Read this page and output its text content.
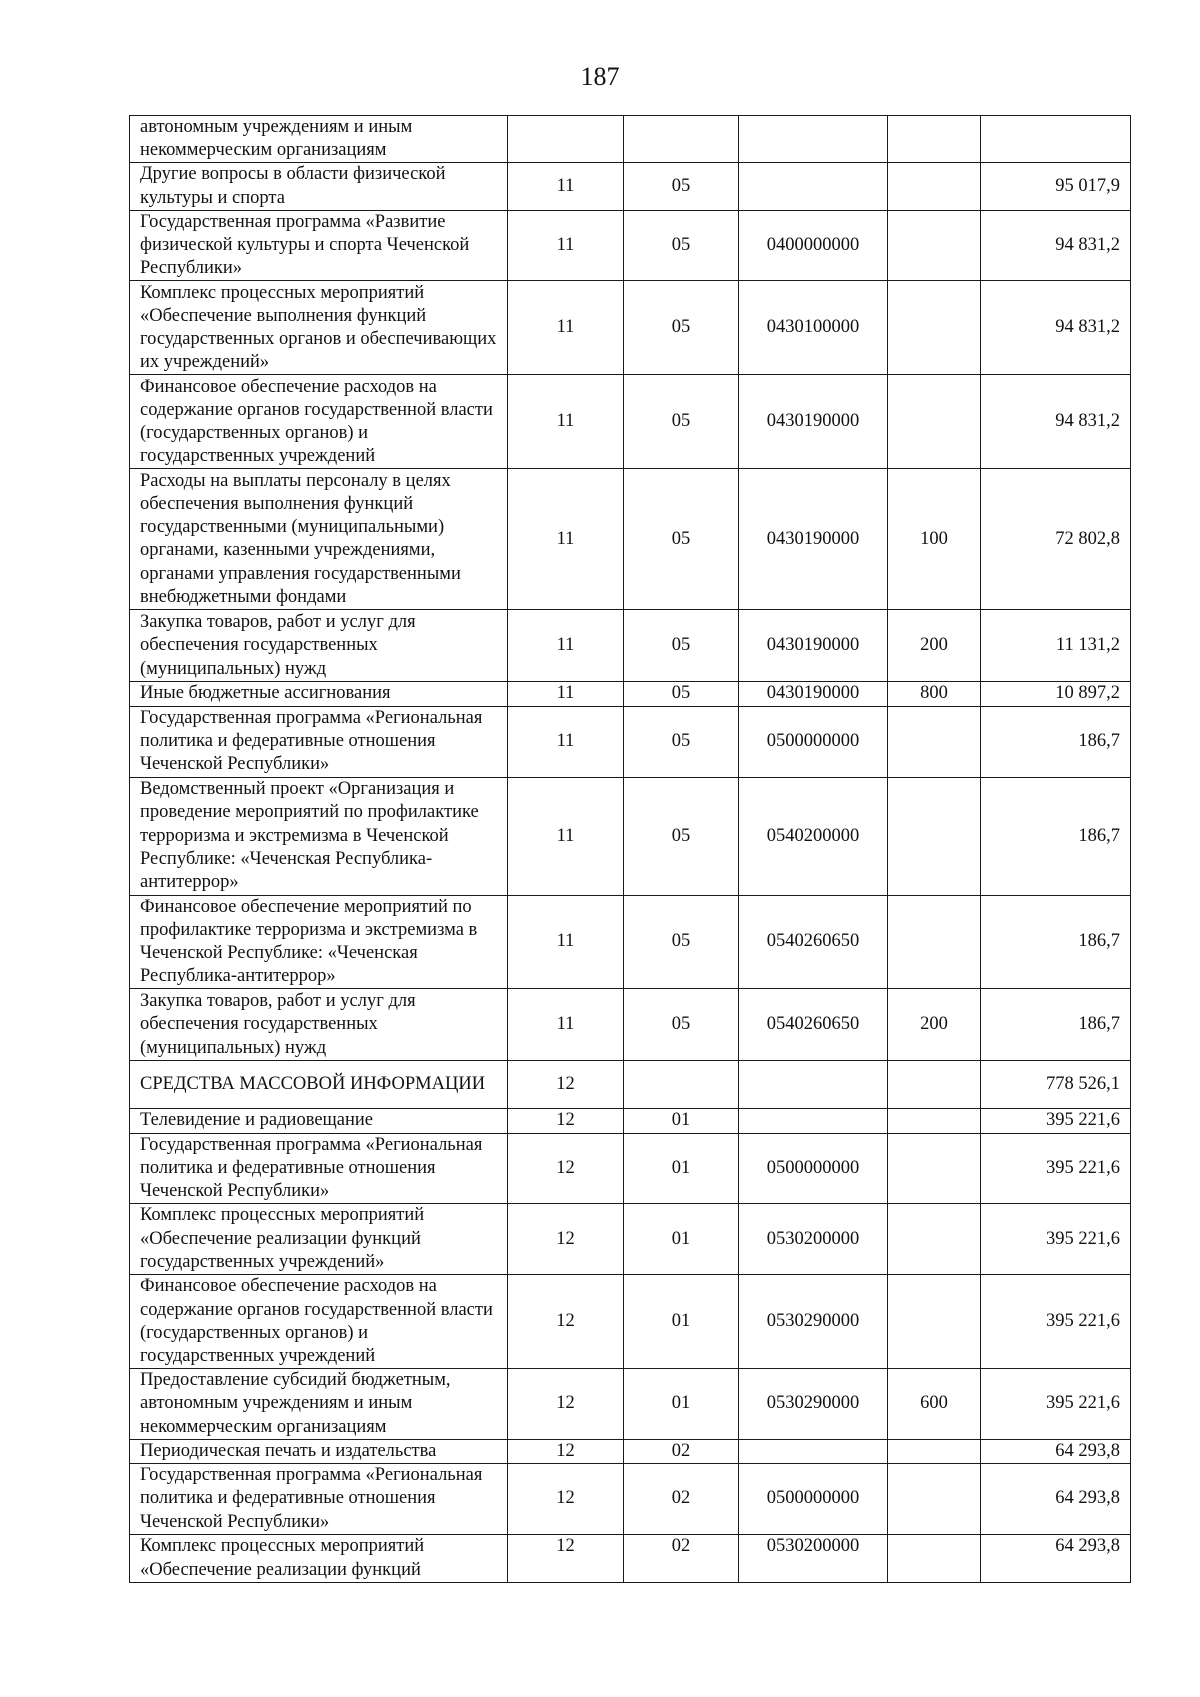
187
автономным учреждениям и иным некоммерческим организациям					
Другие вопросы в области физической культуры и спорта	11	05			95 017,9
Государственная программа «Развитие физической культуры и спорта Чеченской Республики»	11	05	0400000000		94 831,2
Комплекс процессных мероприятий «Обеспечение выполнения функций государственных органов и обеспечивающих их учреждений»	11	05	0430100000		94 831,2
Финансовое обеспечение расходов на содержание органов государственной власти (государственных органов) и государственных учреждений	11	05	0430190000		94 831,2
Расходы на выплаты персоналу в целях обеспечения выполнения функций государственными (муниципальными) органами, казенными учреждениями, органами управления государственными внебюджетными фондами	11	05	0430190000	100	72 802,8
Закупка товаров, работ и услуг для обеспечения государственных (муниципальных) нужд	11	05	0430190000	200	11 131,2
Иные бюджетные ассигнования	11	05	0430190000	800	10 897,2
Государственная программа «Региональная политика и федеративные отношения Чеченской Республики»	11	05	0500000000		186,7
Ведомственный проект «Организация и проведение мероприятий по профилактике терроризма и экстремизма в Чеченской Республике: «Чеченская Республика-антитеррор»	11	05	0540200000		186,7
Финансовое обеспечение мероприятий по профилактике терроризма и экстремизма в Чеченской Республике: «Чеченская Республика-антитеррор»	11	05	0540260650		186,7
Закупка товаров, работ и услуг для обеспечения государственных (муниципальных) нужд	11	05	0540260650	200	186,7
СРЕДСТВА МАССОВОЙ ИНФОРМАЦИИ	12				778 526,1
Телевидение и радиовещание	12	01			395 221,6
Государственная программа «Региональная политика и федеративные отношения Чеченской Республики»	12	01	0500000000		395 221,6
Комплекс процессных мероприятий «Обеспечение реализации функций государственных учреждений»	12	01	0530200000		395 221,6
Финансовое обеспечение расходов на содержание органов государственной власти (государственных органов) и государственных учреждений	12	01	0530290000		395 221,6
Предоставление субсидий бюджетным, автономным учреждениям и иным некоммерческим организациям	12	01	0530290000	600	395 221,6
Периодическая печать и издательства	12	02			64 293,8
Государственная программа «Региональная политика и федеративные отношения Чеченской Республики»	12	02	0500000000		64 293,8
Комплекс процессных мероприятий «Обеспечение реализации функций	12	02	0530200000		64 293,8
